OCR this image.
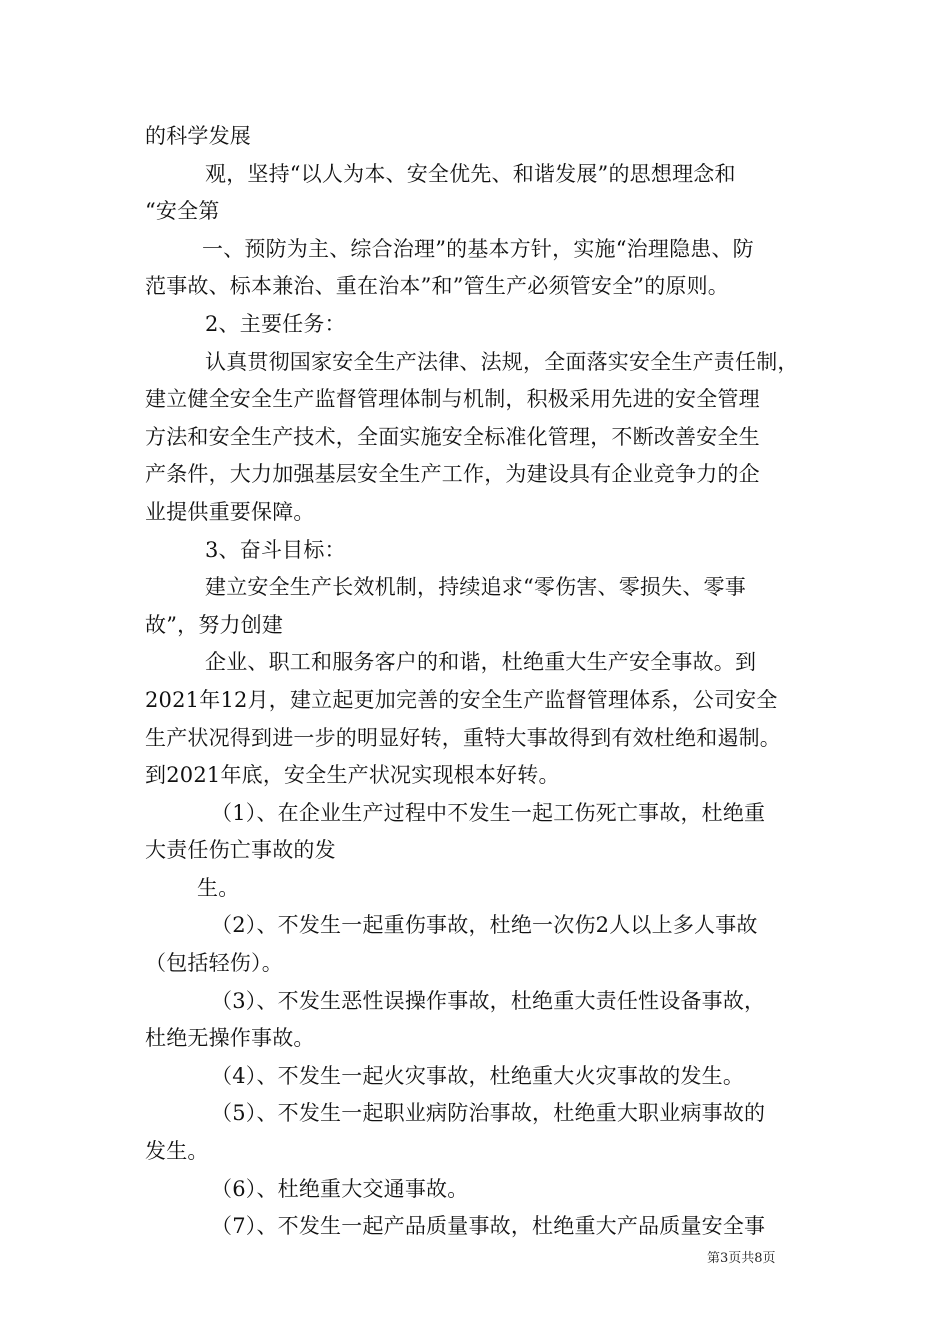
的科学发展
观，坚持“以人为本、安全优先、和谐发展”的思想理念和
“安全第
一、预防为主、综合治理”的基本方针，实施“治理隐患、防
范事故、标本兼治、重在治本”和”管生产必须管安全”的原则。
2、主要任务：
认真贯彻国家安全生产法律、法规，全面落实安全生产责任制，
建立健全安全生产监督管理体制与机制，积极采用先进的安全管理
方法和安全生产技术，全面实施安全标准化管理，不断改善安全生
产条件，大力加强基层安全生产工作，为建设具有企业竞争力的企
业提供重要保障。
3、奋斗目标：
建立安全生产长效机制，持续追求“零伤害、零损失、零事
故”，努力创建
企业、职工和服务客户的和谐，杜绝重大生产安全事故。到
2021年12月，建立起更加完善的安全生产监督管理体系，公司安全
生产状况得到进一步的明显好转，重特大事故得到有效杜绝和遏制。
到2021年底，安全生产状况实现根本好转。
（1）、在企业生产过程中不发生一起工伤死亡事故，杜绝重
大责任伤亡事故的发
生。
（2）、不发生一起重伤事故，杜绝一次伤2人以上多人事故
（包括轻伤）。
（3）、不发生恶性误操作事故，杜绝重大责任性设备事故，
杜绝无操作事故。
（4）、不发生一起火灾事故，杜绝重大火灾事故的发生。
（5）、不发生一起职业病防治事故，杜绝重大职业病事故的
发生。
（6）、杜绝重大交通事故。
（7）、不发生一起产品质量事故，杜绝重大产品质量安全事
第3页共8页
